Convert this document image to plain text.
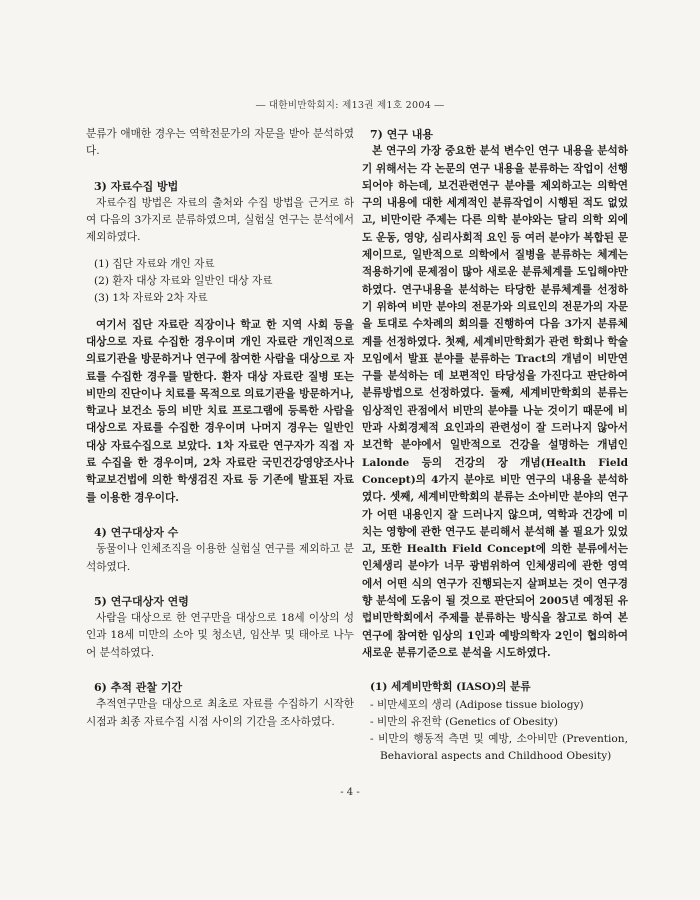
― 대한비만학회지: 제13권 제1호 2004 ―

분류가 애매한 경우는 역학전문가의 자문을 받아 분석하였다.

3) 자료수집 방법

자료수집 방법은 자료의 출처와 수집 방법을 근거로 하여 다음의 3가지로 분류하였으며, 실험실 연구는 분석에서 제외하였다.

(1) 집단 자료와 개인 자료
(2) 환자 대상 자료와 일반인 대상 자료
(3) 1차 자료와 2차 자료

여기서 집단 자료란 직장이나 학교 한 지역 사회 등을 대상으로 자료 수집한 경우이며 개인 자료란 개인적으로 의료기관을 방문하거나 연구에 참여한 사람을 대상으로 자료를 수집한 경우를 말한다. 환자 대상 자료란 질병 또는 비만의 진단이나 치료를 목적으로 의료기관을 방문하거나, 학교나 보건소 등의 비만 치료 프로그램에 등록한 사람을 대상으로 자료를 수집한 경우이며 나머지 경우는 일반인 대상 자료수집으로 보았다. 1차 자료란 연구자가 직접 자료 수집을 한 경우이며, 2차 자료란 국민건강영양조사나 학교보건법에 의한 학생검진 자료 등 기존에 발표된 자료를 이용한 경우이다.

4) 연구대상자 수

동물이나 인체조직을 이용한 실험실 연구를 제외하고 분석하였다.

5) 연구대상자 연령

사람을 대상으로 한 연구만을 대상으로 18세 이상의 성인과 18세 미만의 소아 및 청소년, 임산부 및 태아로 나누어 분석하였다.

6) 추적 관찰 기간

추적연구만을 대상으로 최초로 자료를 수집하기 시작한 시점과 최종 자료수집 시점 사이의 기간을 조사하였다.

7) 연구 내용

본 연구의 가장 중요한 분석 변수인 연구 내용을 분석하기 위해서는 각 논문의 연구 내용을 분류하는 작업이 선행되어야 하는데, 보건관련연구 분야를 제외하고는 의학연구의 내용에 대한 세계적인 분류작업이 시행된 적도 없었고, 비만이란 주제는 다른 의학 분야와는 달리 의학 외에도 운동, 영양, 심리사회적 요인 등 여러 분야가 복합된 문제이므로, 일반적으로 의학에서 질병을 분류하는 체계는 적용하기에 문제점이 많아 새로운 분류체계를 도입해야만 하였다. 연구내용을 분석하는 타당한 분류체계를 선정하기 위하여 비만 분야의 전문가와 의료인의 전문가의 자문을 토대로 수차례의 회의를 진행하여 다음 3가지 분류체계를 선정하였다. 첫째, 세계비만학회가 관련 학회나 학술모임에서 발표 분야를 분류하는 Tract의 개념이 비만연구를 분석하는 데 보편적인 타당성을 가진다고 판단하여 분류방법으로 선정하였다. 둘째, 세계비만학회의 분류는 임상적인 관점에서 비만의 분야를 나눈 것이기 때문에 비만과 사회경제적 요인과의 관련성이 잘 드러나지 않아서 보건학 분야에서 일반적으로 건강을 설명하는 개념인 Lalonde 등의 건강의 장 개념(Health Field Concept)의 4가지 분야로 비만 연구의 내용을 분석하였다. 셋째, 세계비만학회의 분류는 소아비만 분야의 연구가 어떤 내용인지 잘 드러나지 않으며, 역학과 건강에 미치는 영향에 관한 연구도 분리해서 분석해 볼 필요가 있었고, 또한 Health Field Concept에 의한 분류에서는 인체생리 분야가 너무 광범위하여 인체생리에 관한 영역에서 어떤 식의 연구가 진행되는지 살펴보는 것이 연구경향 분석에 도움이 될 것으로 판단되어 2005년 예정된 유럽비만학회에서 주제를 분류하는 방식을 참고로 하여 본 연구에 참여한 임상의 1인과 예방의학자 2인이 협의하여 새로운 분류기준으로 분석을 시도하였다.

(1) 세계비만학회 (IASO)의 분류
- 비만세포의 생리 (Adipose tissue biology)
- 비만의 유전학 (Genetics of Obesity)
- 비만의 행동적 측면 및 예방, 소아비만 (Prevention, Behavioral aspects and Childhood Obesity)
- 4 -
